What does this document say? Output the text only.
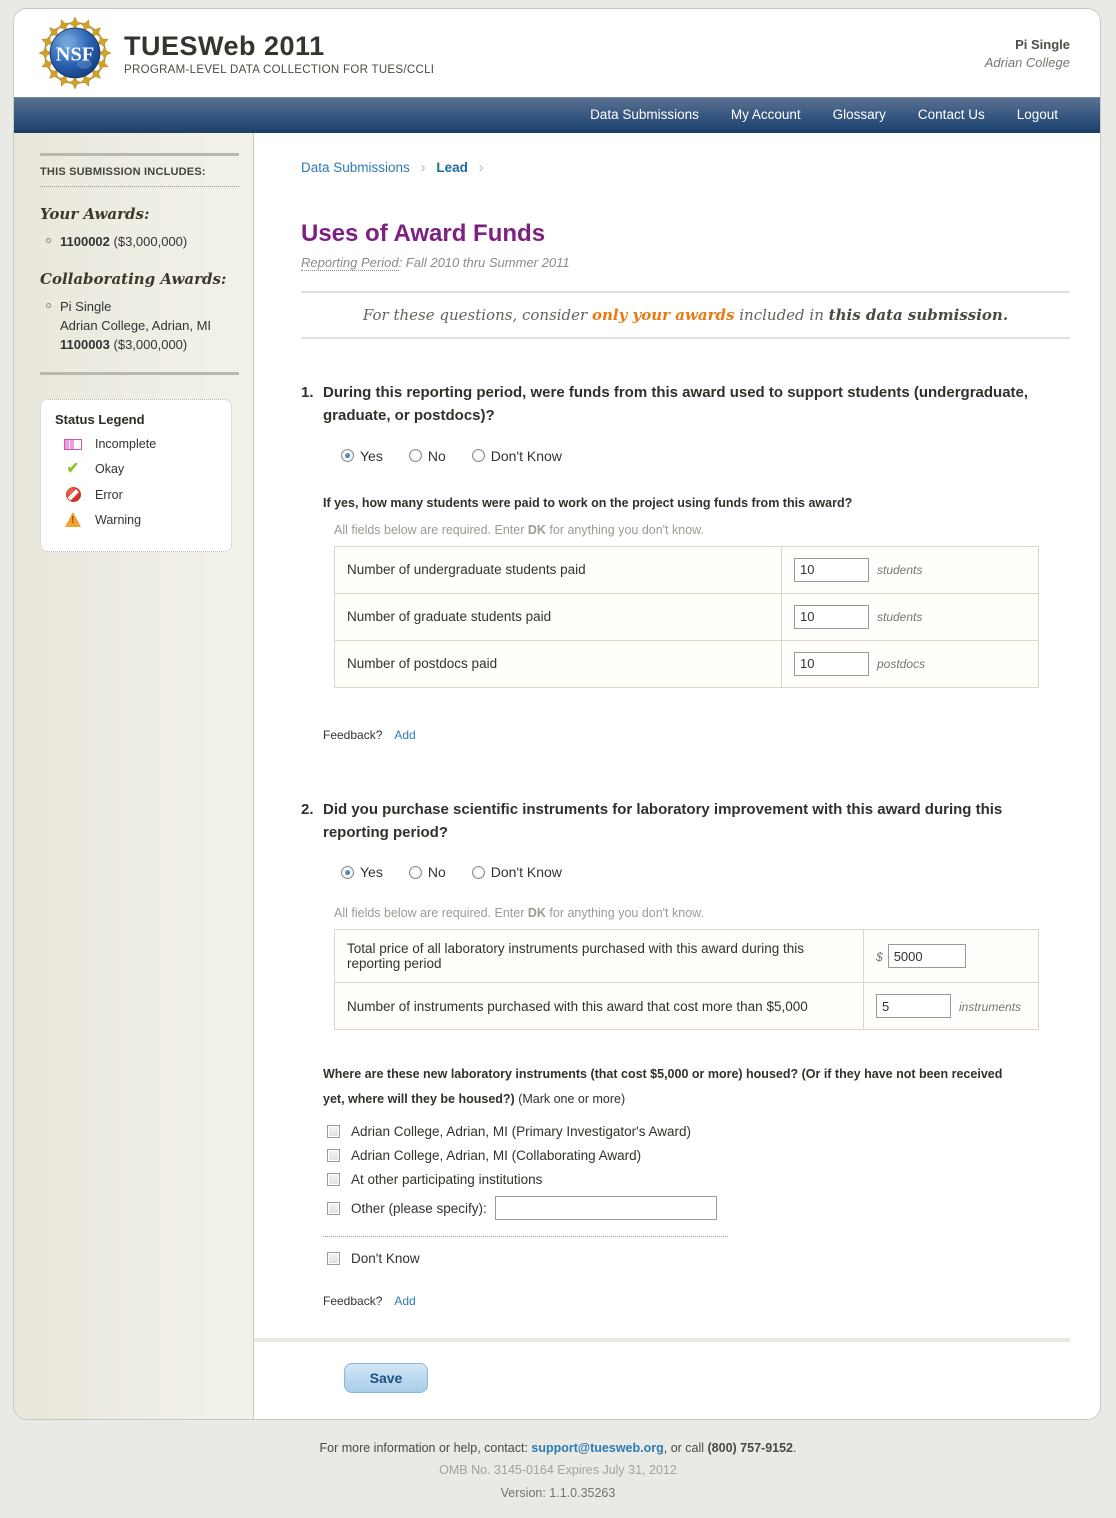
NSF TUESWeb 2011
PROGRAM-LEVEL DATA COLLECTION FOR TUES/CCLI
Pi Single
Adrian College
Data Submissions	My Account	Glossary	Contact Us	Logout
THIS SUBMISSION INCLUDES:
Your Awards:
1100002 ($3,000,000)
Collaborating Awards:
Pi Single
Adrian College, Adrian, MI
1100003 ($3,000,000)
Status Legend
Incomplete
✔ Okay
Error
!
Warning
Data Submissions › Lead ›
Uses of Award Funds
Reporting Period: Fall 2010 thru Summer 2011
For these questions, consider only your awards included in this data submission.
1. During this reporting period, were funds from this award used to support students (undergraduate, graduate, or postdocs)?
Yes	No	Don't Know
If yes, how many students were paid to work on the project using funds from this award?
All fields below are required. Enter DK for anything you don't know.
Number of undergraduate students paid	10students
Number of graduate students paid	10students
Number of postdocs paid	10postdocs
Feedback? Add
2. Did you purchase scientific instruments for laboratory improvement with this award during this reporting period?
Yes	No	Don't Know
All fields below are required. Enter DK for anything you don't know.
Total price of all laboratory instruments purchased with this award during this reporting period	$5000
Number of instruments purchased with this award that cost more than $5,000	5instruments
Where are these new laboratory instruments (that cost $5,000 or more) housed? (Or if they have not been received yet, where will they be housed?) (Mark one or more)
Adrian College, Adrian, MI (Primary Investigator's Award)
Adrian College, Adrian, MI (Collaborating Award)
At other participating institutions
Other (please specify):
Don't Know
Feedback? Add
Save
For more information or help, contact: support@tuesweb.org, or call (800) 757-9152.
OMB No. 3145-0164 Expires July 31, 2012
Version: 1.1.0.35263
